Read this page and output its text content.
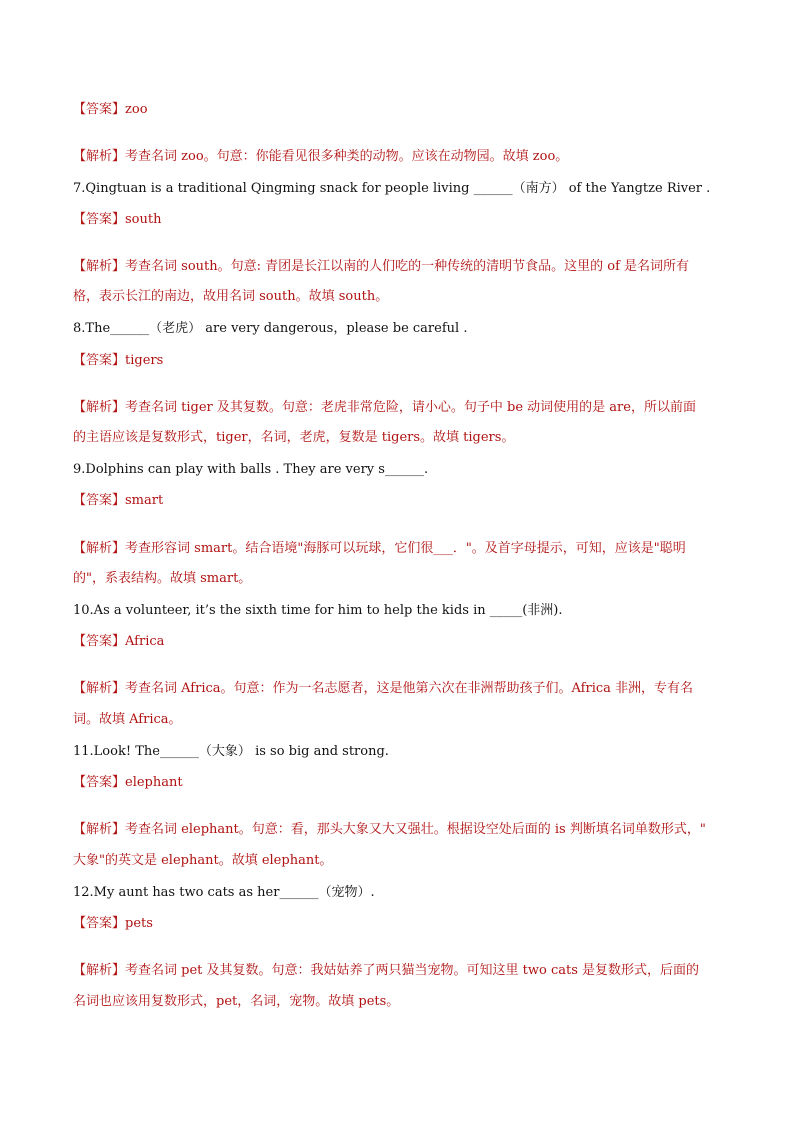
【答案】zoo
【解析】考查名词 zoo。句意：你能看见很多种类的动物。应该在动物园。故填 zoo。
7.Qingtuan is a traditional Qingming snack for people living ______（南方） of the Yangtze River .
【答案】south
【解析】考查名词 south。句意: 青团是长江以南的人们吃的一种传统的清明节食品。这里的 of 是名词所有
格，表示长江的南边，故用名词 south。故填 south。
8.The______（老虎） are very dangerous，please be careful .
【答案】tigers
【解析】考查名词 tiger 及其复数。句意：老虎非常危险，请小心。句子中 be 动词使用的是 are，所以前面
的主语应该是复数形式，tiger，名词，老虎，复数是 tigers。故填 tigers。
9.Dolphins can play with balls . They are very s______.
【答案】smart
【解析】考查形容词 smart。结合语境"海豚可以玩球，它们很___．"。及首字母提示，可知，应该是"聪明
的"，系表结构。故填 smart。
10.As a volunteer, it’s the sixth time for him to help the kids in _____(非洲).
【答案】Africa
【解析】考查名词 Africa。句意：作为一名志愿者，这是他第六次在非洲帮助孩子们。Africa 非洲，专有名
词。故填 Africa。
11.Look! The______（大象） is so big and strong.
【答案】elephant
【解析】考查名词 elephant。句意：看，那头大象又大又强壮。根据设空处后面的 is 判断填名词单数形式，"
大象"的英文是 elephant。故填 elephant。
12.My aunt has two cats as her______（宠物）.
【答案】pets
【解析】考查名词 pet 及其复数。句意：我姑姑养了两只猫当宠物。可知这里 two cats 是复数形式，后面的
名词也应该用复数形式，pet，名词，宠物。故填 pets。
